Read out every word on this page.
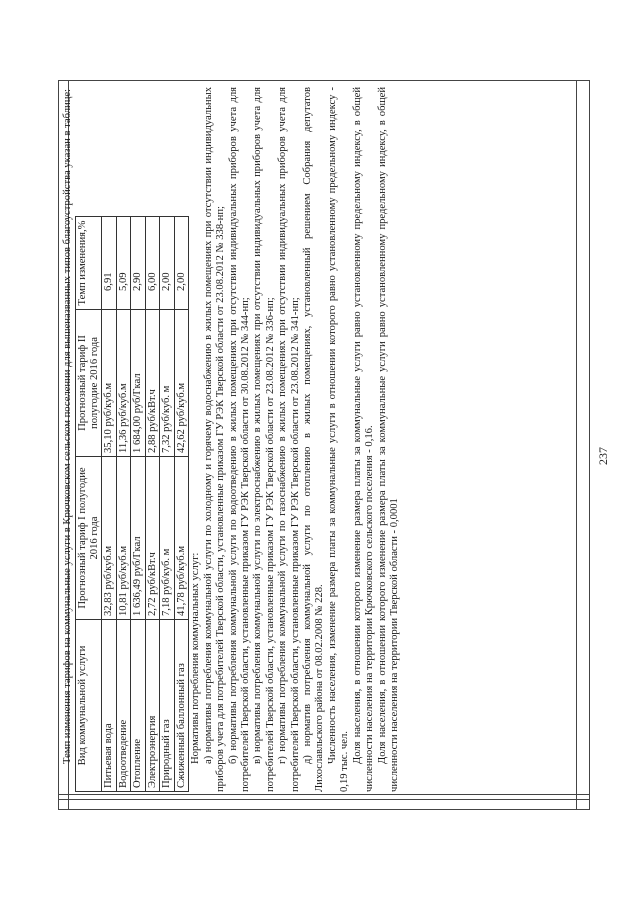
237

Темп изменения тарифов на коммунальные услуги в Крючковском сельском поселении для вышеназванных типов благоустройства указан в таблице: Вид коммунальной услуги	Прогнозный тариф I полугодие 2016 года	Прогнозный тариф II полугодие 2016 года	Темп изменения,%
Питьевая вода	32,83 руб/куб.м	35,10 руб/куб.м	6,91
Водоотведение	10,81 руб/куб.м	11,36 руб/куб.м	5,09
Отопление	1 636,49 руб/Гкал	1 684,00 руб/Гкал	2,90
Электроэнергия	2,72 руб/кВт.ч	2,88 руб/кВт.ч	6,00
Природный газ	7,18 руб/куб. м	7,32 руб/куб. м	2,00
Сжиженный баллонный газ	41,78 руб/куб.м	42,62 руб/куб.м	2,00

Нормативы потребления коммунальных услуг: а) нормативы потребления коммунальной услуги по холодному и горячему водоснабжению в жилых помещениях при отсутствии индивидуальных приборов учета для потребителей Тверской области, установленные приказом ГУ РЭК Тверской области от 23.08.2012 № 338-нп; б) нормативы потребления коммунальной услуги по водоотведению в жилых помещениях при отсутствии индивидуальных приборов учета для потребителей Тверской области, установленные приказом ГУ РЭК Тверской области от 30.08.2012 № 344-нп; в) нормативы потребления коммунальной услуги по электроснабжению в жилых помещениях при отсутствии индивидуальных приборов учета для потребителей Тверской области, установленные приказом ГУ РЭК Тверской области от 23.08.2012 № 336-нп; г) нормативы потребления коммунальной услуги по газоснабжению в жилых помещениях при отсутствии индивидуальных приборов учета для потребителей Тверской области, установленные приказом ГУ РЭК Тверской области от 23.08.2012 № 341-нп; д) норматив потребления коммунальной услуги по отоплению в жилых помещениях, установленный решением Собрания депутатов Лихославльского района от 08.02.2008 № 228. Численность населения, изменение размера платы за коммунальные услуги в отношении которого равно установленному предельному индексу - 0,19 тыс. чел. Доля населения, в отношении которого изменение размера платы за коммунальные услуги равно установленному предельному индексу, в общей численности населения на территории Крючковского сельского поселения - 0,16. Доля населения, в отношении которого изменение размера платы за коммунальные услуги равно установленному предельному индексу, в общей численности населения на территории Тверской области - 0,0001
